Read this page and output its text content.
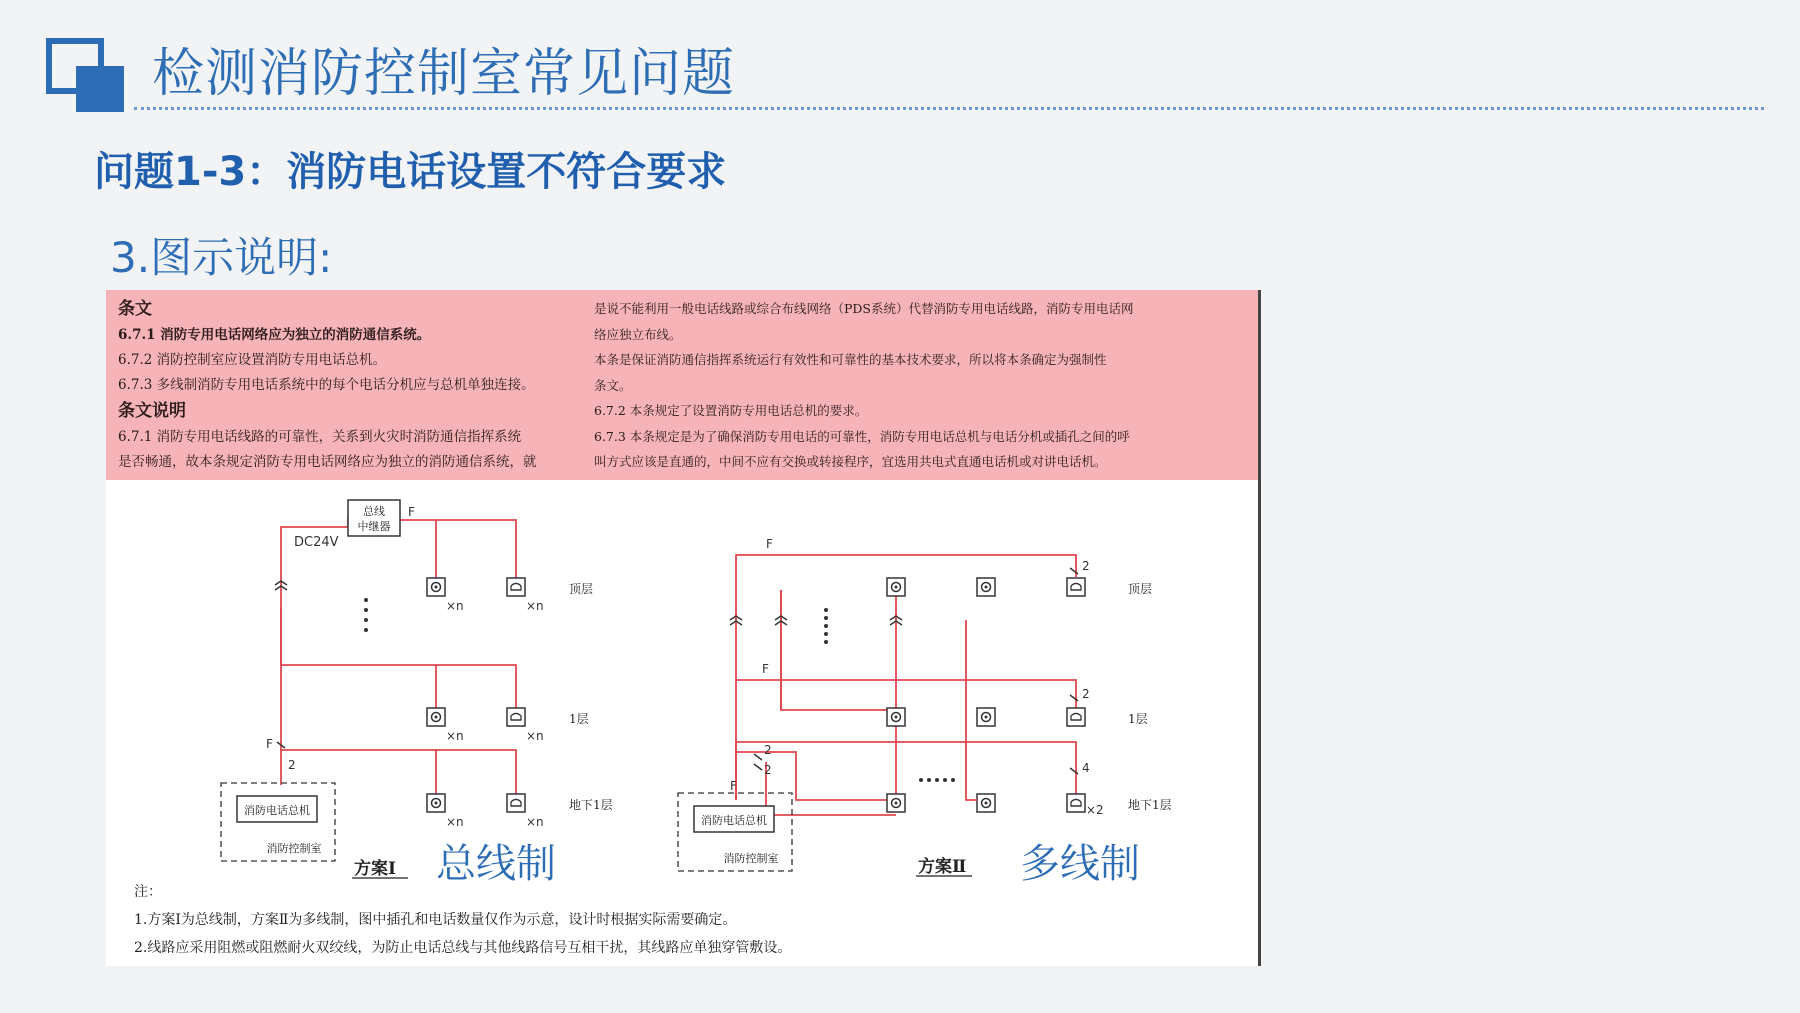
检测消防控制室常见问题
问题1-3：消防电话设置不符合要求
3.图示说明:
条文
6.7.1 消防专用电话网络应为独立的消防通信系统。
6.7.2 消防控制室应设置消防专用电话总机。
6.7.3 多线制消防专用电话系统中的每个电话分机应与总机单独连接。
条文说明
6.7.1 消防专用电话线路的可靠性，关系到火灾时消防通信指挥系统
是否畅通，故本条规定消防专用电话网络应为独立的消防通信系统，就
是说不能利用一般电话线路或综合布线网络（PDS系统）代替消防专用电话线路，消防专用电话网
络应独立布线。
本条是保证消防通信指挥系统运行有效性和可靠性的基本技术要求，所以将本条确定为强制性
条文。
6.7.2 本条规定了设置消防专用电话总机的要求。
6.7.3 本条规定是为了确保消防专用电话的可靠性，消防专用电话总机与电话分机或插孔之间的呼
叫方式应该是直通的，中间不应有交换或转接程序，宜选用共电式直通电话机或对讲电话机。
总线
中继器
F
DC24V
×n	×n
×n	×n
×n	×n
F
2
顶层
1层
地下1层
消防电话总机
消防控制室
方案Ⅰ
F
F
F
2
2
4
2
2
×2
顶层
1层
地下1层
消防电话总机
消防控制室	方案Ⅱ
总线制	多线制
注：
1.方案Ⅰ为总线制，方案Ⅱ为多线制，图中插孔和电话数量仅作为示意，设计时根据实际需要确定。
2.线路应采用阻燃或阻燃耐火双绞线，为防止电话总线与其他线路信号互相干扰，其线路应单独穿管敷设。
